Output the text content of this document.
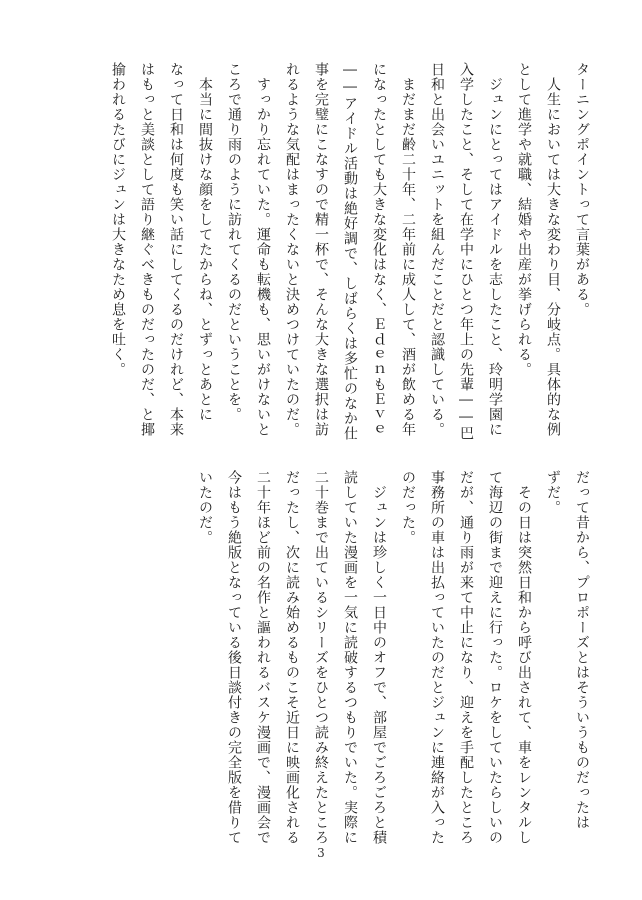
ターニングポイントって言葉がある。
　人生においては大きな変わり目、分岐点。具体的な例
として進学や就職、結婚や出産が挙げられる。
　ジュンにとってはアイドルを志したこと、玲明学園に
入学したこと、そして在学中にひとつ年上の先輩――巴
日和と出会いユニットを組んだことだと認識している。
　まだまだ齢二十年、二年前に成人して、酒が飲める年
になったとしても大きな変化はなく、ＥｄｅｎもＥｖｅ
――アイドル活動は絶好調で、しばらくは多忙のなか仕
事を完璧にこなすので精一杯で、そんな大きな選択は訪
れるような気配はまったくないと決めつけていたのだ。
　すっかり忘れていた。運命も転機も、思いがけないと
ころで通り雨のように訪れてくるのだということを。
　本当に間抜けな顔をしてたからね、とずっとあとに
なって日和は何度も笑い話にしてくるのだけれど、本来
はもっと美談として語り継ぐべきものだったのだ、と揶
揄われるたびにジュンは大きなため息を吐く。
だって昔から、プロポーズとはそういうものだったは
ずだ。
　その日は突然日和から呼び出されて、車をレンタルし
て海辺の街まで迎えに行った。ロケをしていたらしいの
だが、通り雨が来て中止になり、迎えを手配したところ
事務所の車は出払っていたのだとジュンに連絡が入った
のだった。
　ジュンは珍しく一日中のオフで、部屋でごろごろと積
読していた漫画を一気に読破するつもりでいた。実際に
二十巻まで出ているシリーズをひとつ読み終えたところ
だったし、次に読み始めるものこそ近日に映画化される
二十年ほど前の名作と謳われるバスケ漫画で、漫画会で
今はもう絶版となっている後日談付きの完全版を借りて
いたのだ。
3
